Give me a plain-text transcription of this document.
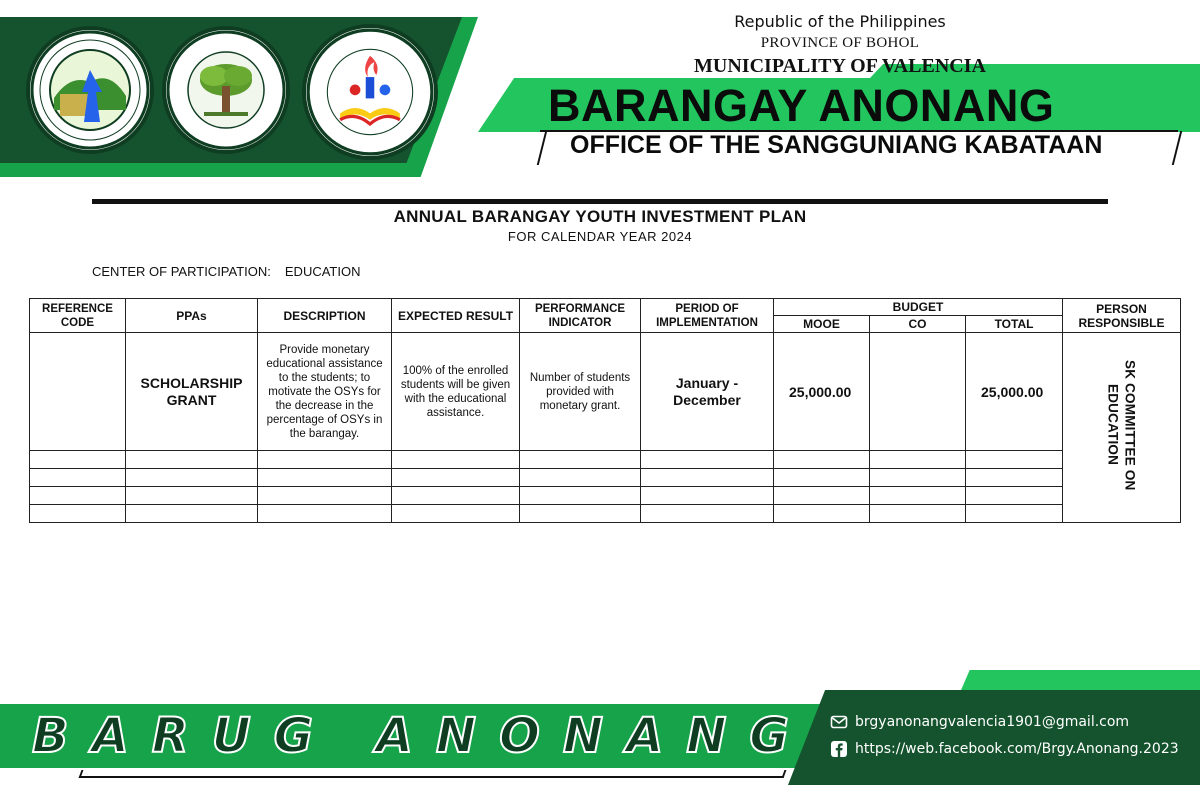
Republic of the Philippines
PROVINCE OF BOHOL
MUNICIPALITY OF VALENCIA
BARANGAY ANONANG
OFFICE OF THE SANGGUNIANG KABATAAN
ANNUAL BARANGAY YOUTH INVESTMENT PLAN
FOR CALENDAR YEAR 2024
CENTER OF PARTICIPATION: EDUCATION
REFERENCE CODE	PPAs	DESCRIPTION	EXPECTED RESULT	PERFORMANCE INDICATOR	PERIOD OF IMPLEMENTATION	BUDGET			PERSON RESPONSIBLE
						MOOE	CO	TOTAL	
	SCHOLARSHIP GRANT	Provide monetary educational assistance to the students; to motivate the OSYs for the decrease in the percentage of OSYs in the barangay.	100% of the enrolled students will be given with the educational assistance.	Number of students provided with monetary grant.	January - December	25,000.00		25,000.00	SK COMMITTEE ON EDUCATION

BARUG ANONANG	brgyanonangvalencia1901@gmail.com
https://web.facebook.com/Brgy.Anonang.2023
